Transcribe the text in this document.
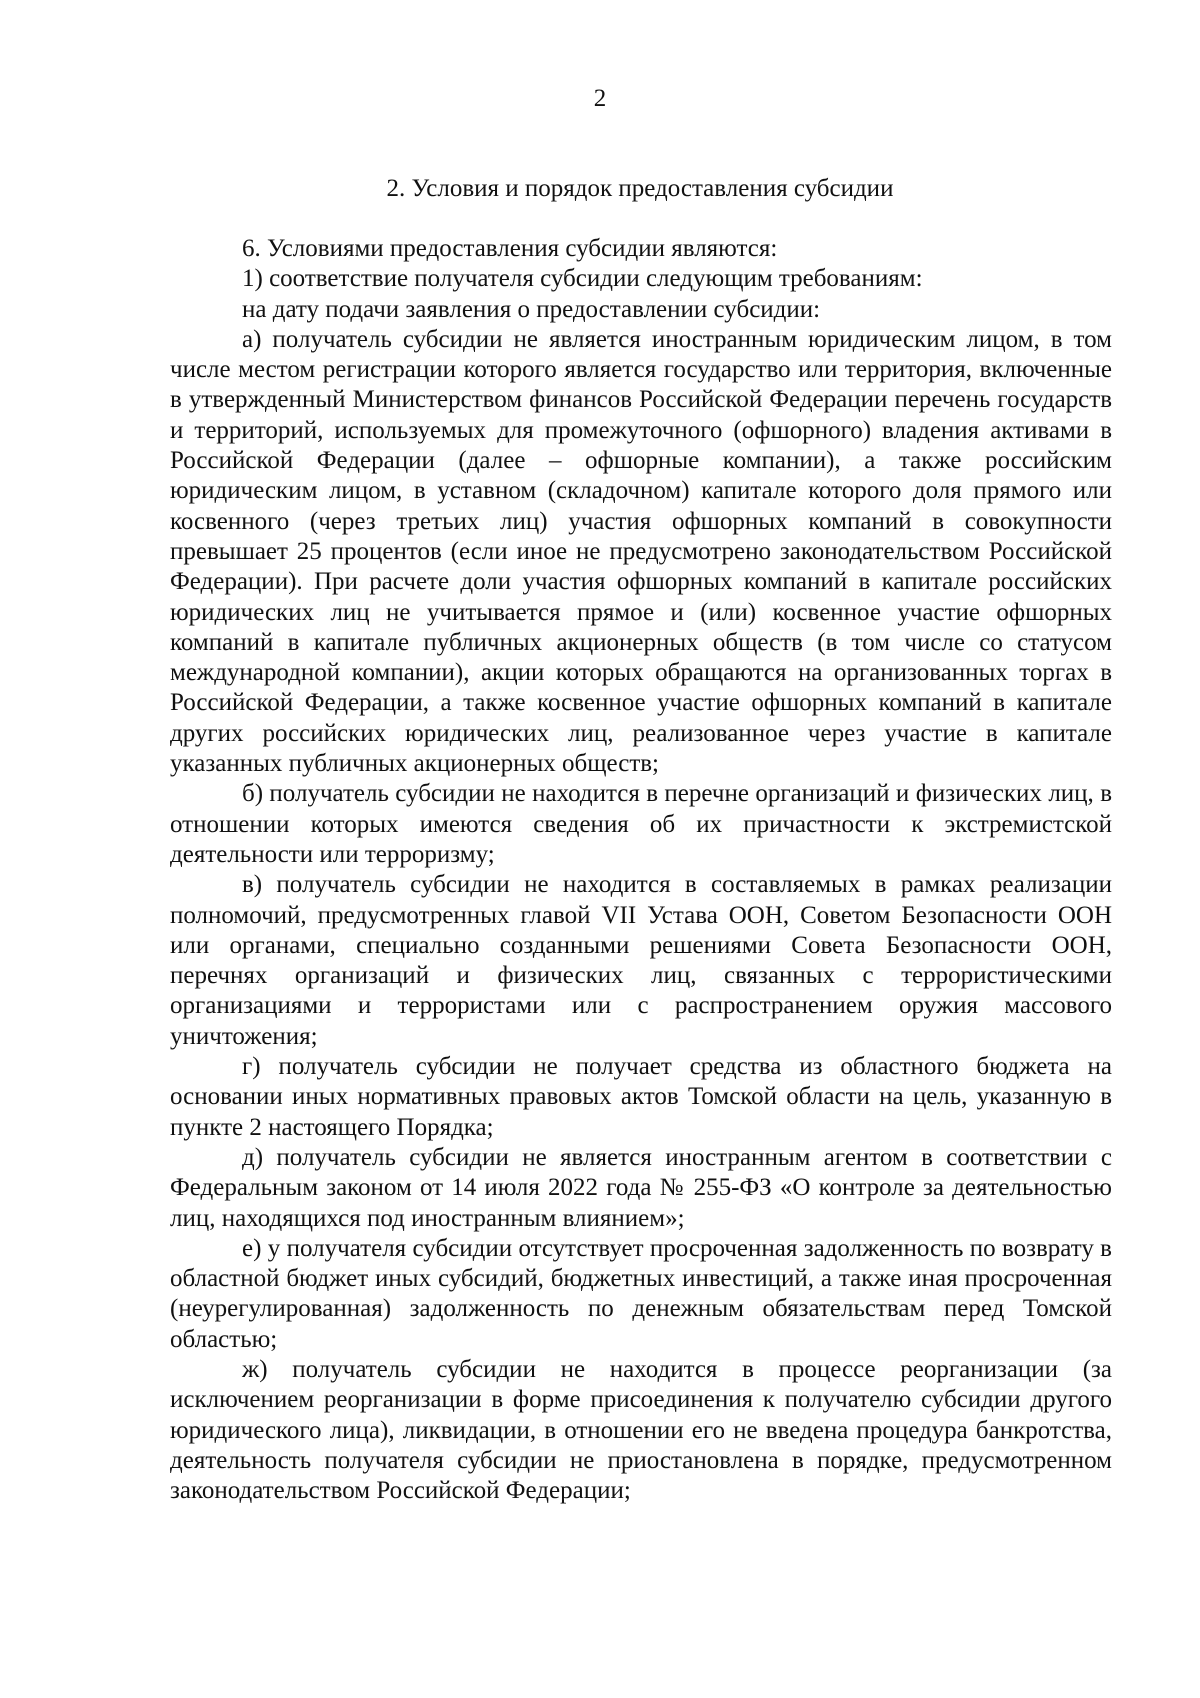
2
2. Условия и порядок предоставления субсидии

6. Условиями предоставления субсидии являются:

1) соответствие получателя субсидии следующим требованиям:

на дату подачи заявления о предоставлении субсидии:

а) получатель субсидии не является иностранным юридическим лицом, в том числе местом регистрации которого является государство или территория, включенные в утвержденный Министерством финансов Российской Федерации перечень государств и территорий, используемых для промежуточного (офшорного) владения активами в Российской Федерации (далее – офшорные компании), а также российским юридическим лицом, в уставном (складочном) капитале которого доля прямого или косвенного (через третьих лиц) участия офшорных компаний в совокупности превышает 25 процентов (если иное не предусмотрено законодательством Российской Федерации). При расчете доли участия офшорных компаний в капитале российских юридических лиц не учитывается прямое и (или) косвенное участие офшорных компаний в капитале публичных акционерных обществ (в том числе со статусом международной компании), акции которых обращаются на организованных торгах в Российской Федерации, а также косвенное участие офшорных компаний в капитале других российских юридических лиц, реализованное через участие в капитале указанных публичных акционерных обществ;

б) получатель субсидии не находится в перечне организаций и физических лиц, в отношении которых имеются сведения об их причастности к экстремистской деятельности или терроризму;

в) получатель субсидии не находится в составляемых в рамках реализации полномочий, предусмотренных главой VII Устава ООН, Советом Безопасности ООН или органами, специально созданными решениями Совета Безопасности ООН, перечнях организаций и физических лиц, связанных с террористическими организациями и террористами или с распространением оружия массового уничтожения;

г) получатель субсидии не получает средства из областного бюджета на основании иных нормативных правовых актов Томской области на цель, указанную в пункте 2 настоящего Порядка;

д) получатель субсидии не является иностранным агентом в соответствии с Федеральным законом от 14 июля 2022 года № 255-ФЗ «О контроле за деятельностью лиц, находящихся под иностранным влиянием»;

е) у получателя субсидии отсутствует просроченная задолженность по возврату в областной бюджет иных субсидий, бюджетных инвестиций, а также иная просроченная (неурегулированная) задолженность по денежным обязательствам перед Томской областью;

ж) получатель субсидии не находится в процессе реорганизации (за исключением реорганизации в форме присоединения к получателю субсидии другого юридического лица), ликвидации, в отношении его не введена процедура банкротства, деятельность получателя субсидии не приостановлена в порядке, предусмотренном законодательством Российской Федерации;
